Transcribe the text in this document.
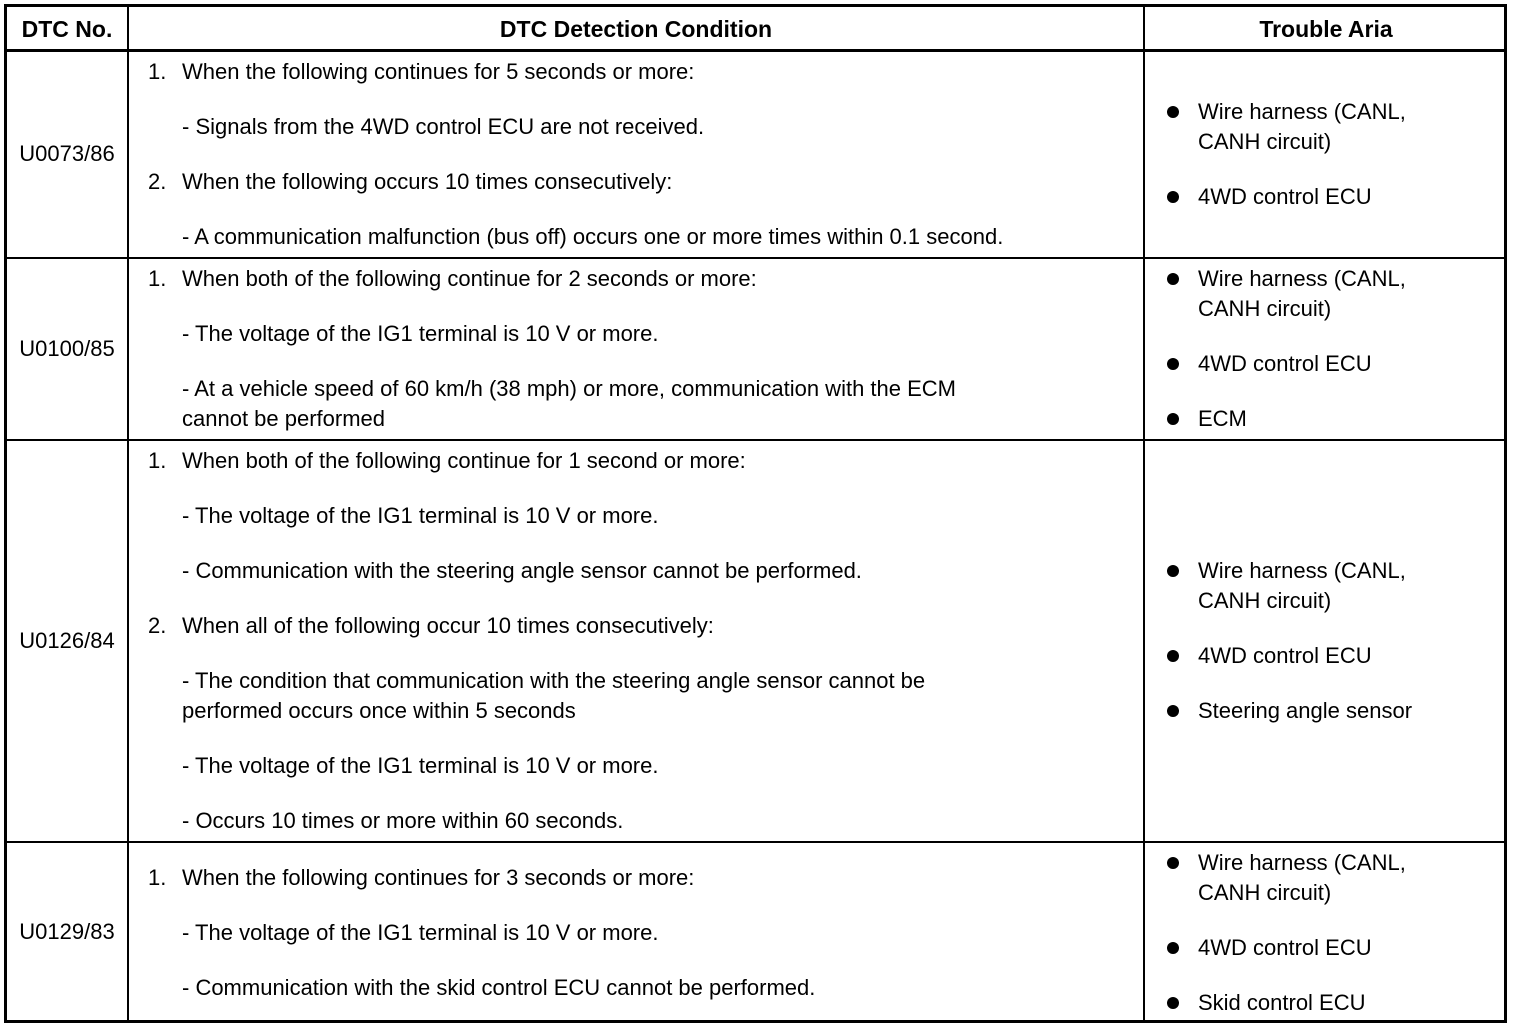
DTC No.	DTC Detection Condition	Trouble Aria
U0073/86
1. When the following continues for 5 seconds or more:
- Signals from the 4WD control ECU are not received.
2. When the following occurs 10 times consecutively:
- A communication malfunction (bus off) occurs one or more times within 0.1 second.
Wire harness (CANL,
CANH circuit)
4WD control ECU
U0100/85
1. When both of the following continue for 2 seconds or more:
- The voltage of the IG1 terminal is 10 V or more.
- At a vehicle speed of 60 km/h (38 mph) or more, communication with the ECM
cannot be performed
Wire harness (CANL,
CANH circuit)
4WD control ECU
ECM
U0126/84
1. When both of the following continue for 1 second or more:
- The voltage of the IG1 terminal is 10 V or more.
- Communication with the steering angle sensor cannot be performed.
2. When all of the following occur 10 times consecutively:
- The condition that communication with the steering angle sensor cannot be
performed occurs once within 5 seconds
- The voltage of the IG1 terminal is 10 V or more.
- Occurs 10 times or more within 60 seconds.
Wire harness (CANL,
CANH circuit)
4WD control ECU
Steering angle sensor
U0129/83
1. When the following continues for 3 seconds or more:
- The voltage of the IG1 terminal is 10 V or more.
- Communication with the skid control ECU cannot be performed.
Wire harness (CANL,
CANH circuit)
4WD control ECU
Skid control ECU
